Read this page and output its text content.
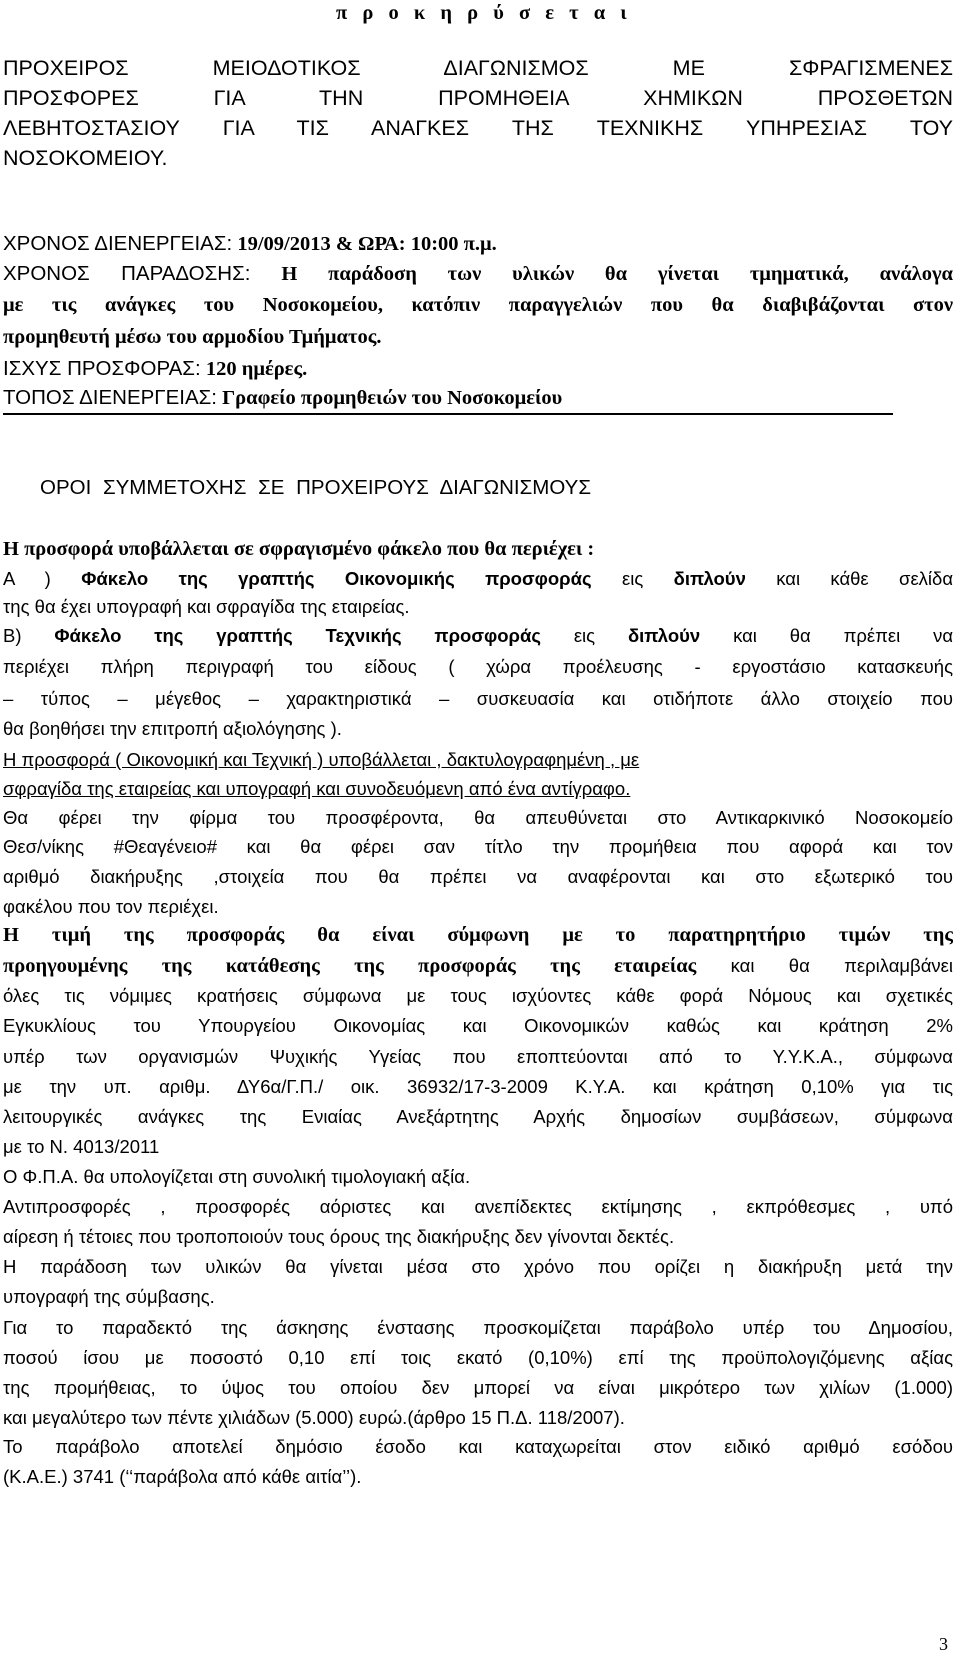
π ρ ο κ η ρ ύ σ ε τ α ι

ΠΡΟΧΕΙΡΟΣ ΜΕΙΟΔΟΤΙΚΟΣ ΔΙΑΓΩΝΙΣΜΟΣ ΜΕ ΣΦΡΑΓΙΣΜΕΝΕΣ

ΠΡΟΣΦΟΡΕΣ ΓΙΑ ΤΗΝ ΠΡΟΜΗΘΕΙΑ ΧΗΜΙΚΩΝ ΠΡΟΣΘΕΤΩΝ

ΛΕΒΗΤΟΣΤΑΣΙΟΥ ΓΙΑ ΤΙΣ ΑΝΑΓΚΕΣ ΤΗΣ ΤΕΧΝΙΚΗΣ ΥΠΗΡΕΣΙΑΣ ΤΟΥ

ΝΟΣΟΚΟΜΕΙΟΥ.

ΧΡΟΝΟΣ ΔΙΕΝΕΡΓΕΙΑΣ: 19/09/2013 & ΩΡΑ: 10:00 π.μ.

ΧΡΟΝΟΣ ΠΑΡΑΔΟΣΗΣ: Η παράδοση των υλικών θα γίνεται τμηματικά, ανάλογα

με τις ανάγκες του Νοσοκομείου, κατόπιν παραγγελιών που θα διαβιβάζονται στον

προμηθευτή μέσω του αρμοδίου Τμήματος.

ΙΣΧΥΣ ΠΡΟΣΦΟΡΑΣ: 120 ημέρες.

ΤΟΠΟΣ ΔΙΕΝΕΡΓΕΙΑΣ: Γραφείο προμηθειών του Νοσοκομείου

ΟΡΟΙ ΣΥΜΜΕΤΟΧΗΣ ΣΕ ΠΡΟΧΕΙΡΟΥΣ ΔΙΑΓΩΝΙΣΜΟΥΣ

Η προσφορά υποβάλλεται σε σφραγισμένο φάκελο που θα περιέχει :

Α ) Φάκελο της γραπτής Οικονομικής προσφοράς εις διπλούν και κάθε σελίδα

της θα έχει υπογραφή και σφραγίδα της εταιρείας.

Β) Φάκελο της γραπτής Τεχνικής προσφοράς εις διπλούν και θα πρέπει να

περιέχει πλήρη περιγραφή του είδους ( χώρα προέλευσης - εργοστάσιο κατασκευής

– τύπος – μέγεθος – χαρακτηριστικά – συσκευασία και οτιδήποτε άλλο στοιχείο που

θα βοηθήσει την επιτροπή αξιολόγησης ).

Η προσφορά ( Οικονομική και Τεχνική ) υποβάλλεται , δακτυλογραφημένη , με

σφραγίδα της εταιρείας και υπογραφή και συνοδευόμενη από ένα αντίγραφο.

Θα φέρει την φίρμα του προσφέροντα, θα απευθύνεται στο Αντικαρκινικό Νοσοκομείο

Θεσ/νίκης #Θεαγένειο# και θα φέρει σαν τίτλο την προμήθεια που αφορά και τον

αριθμό διακήρυξης ,στοιχεία που θα πρέπει να αναφέρονται και στο εξωτερικό του

φακέλου που τον περιέχει.

Η τιμή της προσφοράς θα είναι σύμφωνη με το παρατηρητήριο τιμών της

προηγουμένης της κατάθεσης της προσφοράς της εταιρείας και θα περιλαμβάνει

όλες τις νόμιμες κρατήσεις σύμφωνα με τους ισχύοντες κάθε φορά Νόμους και σχετικές

Εγκυκλίους του Υπουργείου Οικονομίας και Οικονομικών καθώς και κράτηση 2%

υπέρ των οργανισμών Ψυχικής Υγείας που εποπτεύονται από το Υ.Υ.Κ.Α., σύμφωνα

με την υπ. αριθμ. ΔΥ6α/Γ.Π./ οικ. 36932/17-3-2009 Κ.Υ.Α. και κράτηση 0,10% για τις

λειτουργικές ανάγκες της Ενιαίας Ανεξάρτητης Αρχής δημοσίων συμβάσεων, σύμφωνα

με το Ν. 4013/2011

Ο Φ.Π.Α. θα υπολογίζεται στη συνολική τιμολογιακή αξία.

Αντιπροσφορές , προσφορές αόριστες και ανεπίδεκτες εκτίμησης , εκπρόθεσμες , υπό

αίρεση ή τέτοιες που τροποποιούν τους όρους της διακήρυξης δεν γίνονται δεκτές.

Η παράδοση των υλικών θα γίνεται μέσα στο χρόνο που ορίζει η διακήρυξη μετά την

υπογραφή της σύμβασης.

Για το παραδεκτό της άσκησης ένστασης προσκομίζεται παράβολο υπέρ του Δημοσίου,

ποσού ίσου με ποσοστό 0,10 επί τοις εκατό (0,10%) επί της προϋπολογιζόμενης αξίας

της προμήθειας, το ύψος του οποίου δεν μπορεί να είναι μικρότερο των χιλίων (1.000)

και μεγαλύτερο των πέντε χιλιάδων (5.000) ευρώ.(άρθρο 15 Π.Δ. 118/2007).

Το παράβολο αποτελεί δημόσιο έσοδο και καταχωρείται στον ειδικό αριθμό εσόδου

(Κ.Α.Ε.) 3741 (‘‘παράβολα από κάθε αιτία’’).

3
